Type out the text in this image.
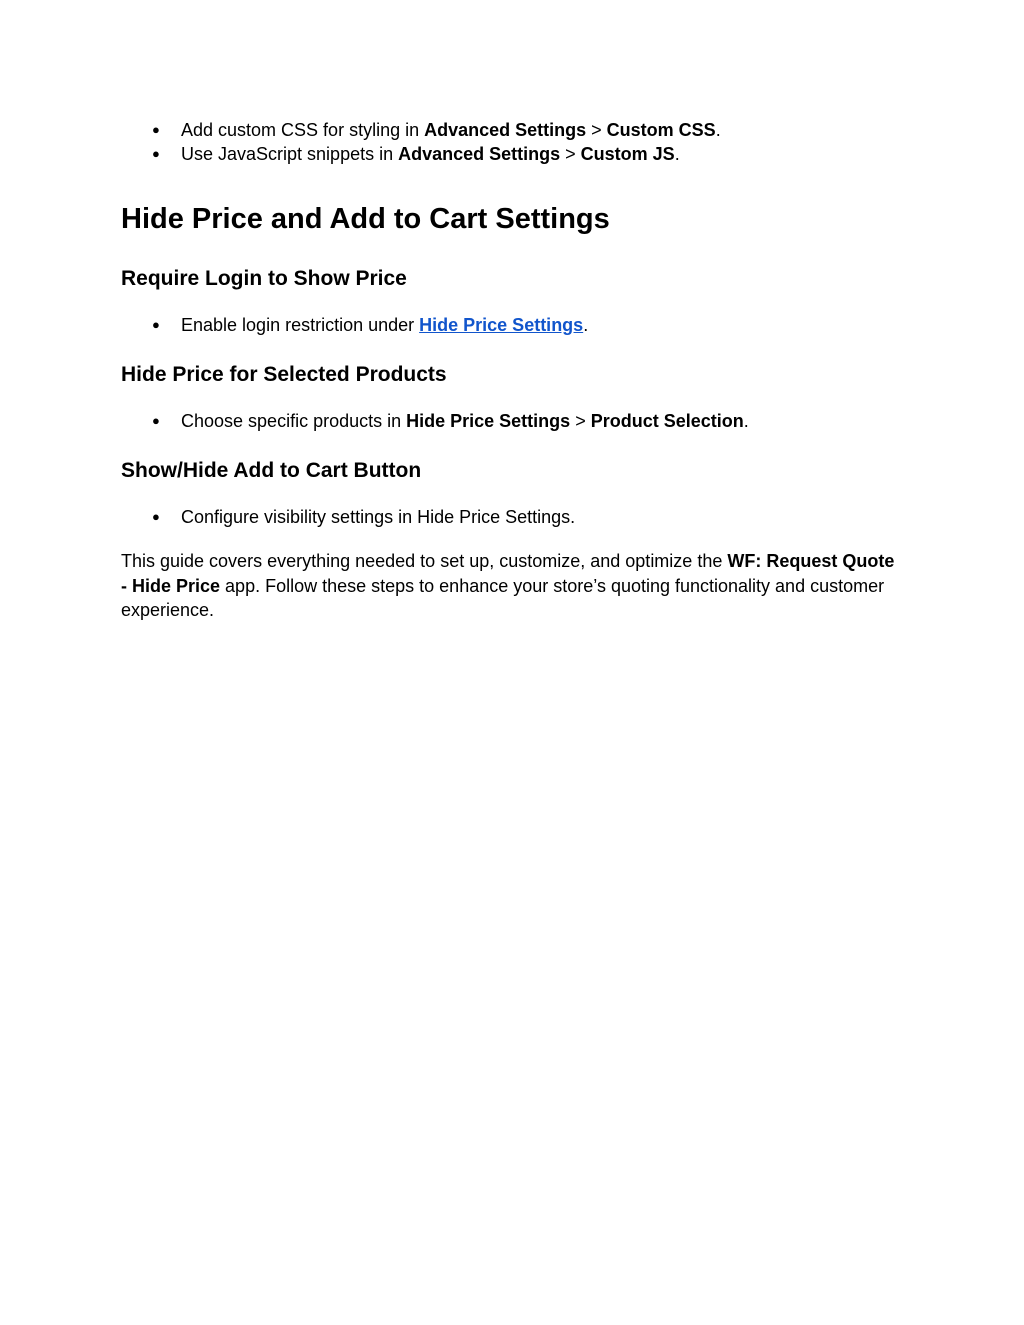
● Add custom CSS for styling in Advanced Settings > Custom CSS.
● Use JavaScript snippets in Advanced Settings > Custom JS.
Hide Price and Add to Cart Settings
Require Login to Show Price
● Enable login restriction under Hide Price Settings.
Hide Price for Selected Products
● Choose specific products in Hide Price Settings > Product Selection.
Show/Hide Add to Cart Button
● Configure visibility settings in Hide Price Settings.

This guide covers everything needed to set up, customize, and optimize the WF: Request Quote - Hide Price app. Follow these steps to enhance your store’s quoting functionality and customer experience.
